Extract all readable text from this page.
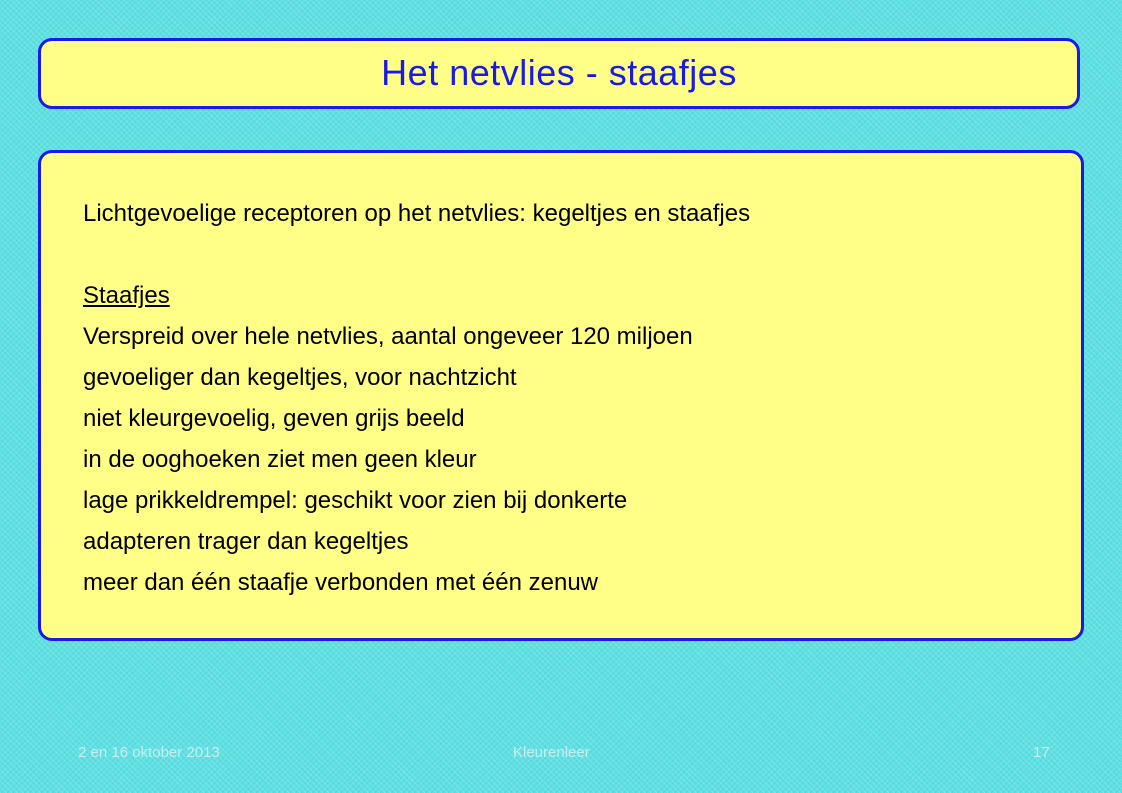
Het netvlies - staafjes

Lichtgevoelige receptoren op het netvlies: kegeltjes en staafjes

Staafjes

Verspreid over hele netvlies, aantal ongeveer 120 miljoen

gevoeliger dan kegeltjes, voor nachtzicht

niet kleurgevoelig, geven grijs beeld

in de ooghoeken ziet men geen kleur

lage prikkeldrempel: geschikt voor zien bij donkerte

adapteren trager dan kegeltjes

meer dan één staafje verbonden met één zenuw

2 en 16 oktober 2013	Kleurenleer	17
